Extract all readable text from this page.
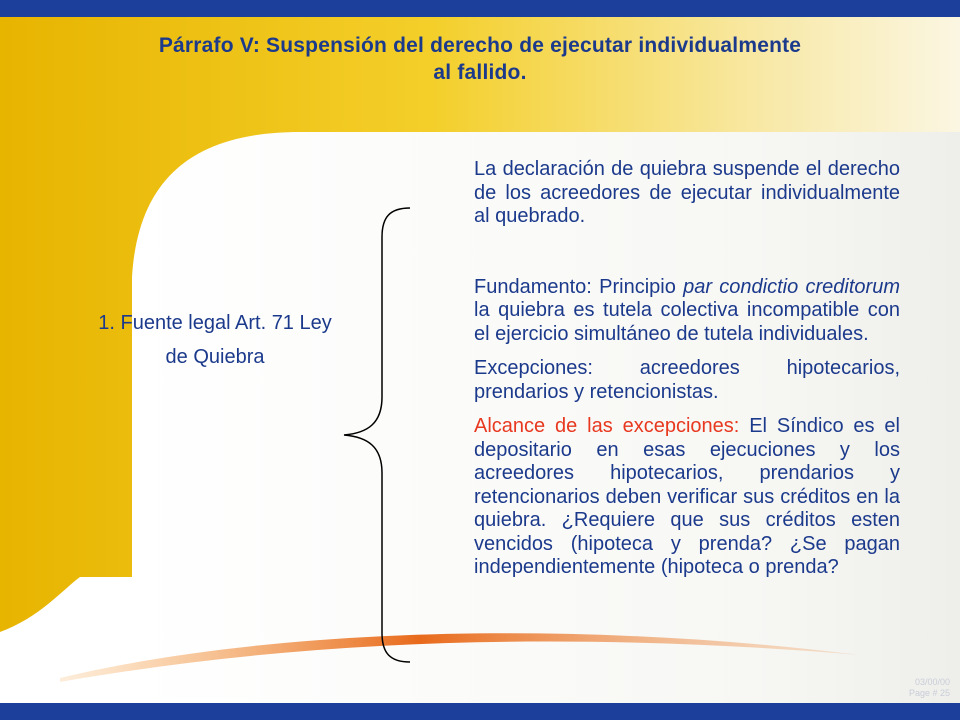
Párrafo V: Suspensión del derecho de ejecutar individualmente
al fallido.
1. Fuente legal Art. 71 Ley
de Quiebra

La declaración de quiebra suspende el derecho de los acreedores de ejecutar individualmente al quebrado.

Fundamento: Principio par condictio creditorum la quiebra es tutela colectiva incompatible con el ejercicio simultáneo de tutela individuales.

Excepciones: acreedores hipotecarios, prendarios y retencionistas.

Alcance de las excepciones: El Síndico es el depositario en esas ejecuciones y los acreedores hipotecarios, prendarios y retencionarios deben verificar sus créditos en la quiebra. ¿Requiere que sus créditos esten vencidos (hipoteca y prenda? ¿Se pagan independientemente (hipoteca o prenda?

03/00/00
Page # 25
